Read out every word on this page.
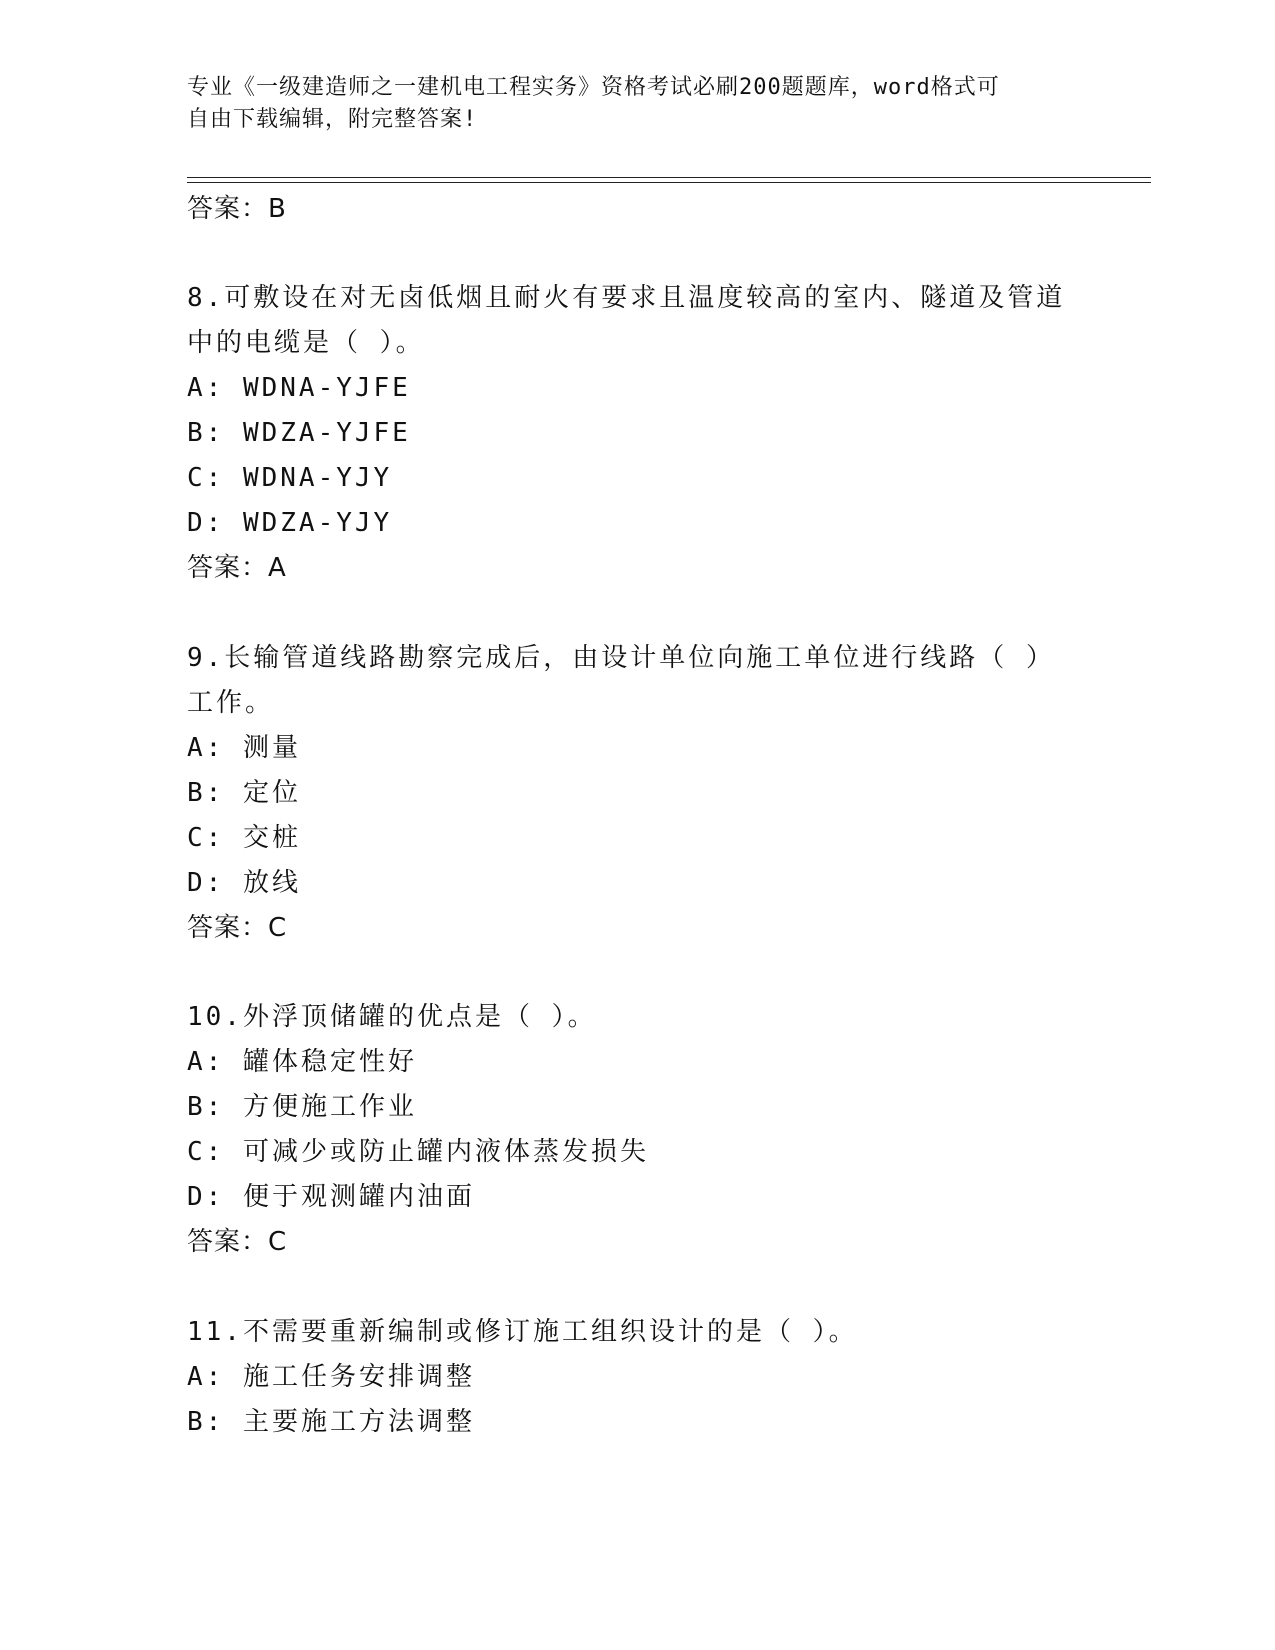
专业《一级建造师之一建机电工程实务》资格考试必刷200题题库，word格式可

自由下载编辑，附完整答案!

答案：B
8.可敷设在对无卤低烟且耐火有要求且温度较高的室内、隧道及管道
中的电缆是（ ）。
A: WDNA-YJFE
B: WDZA-YJFE
C: WDNA-YJY
D: WDZA-YJY
答案：A
9.长输管道线路勘察完成后，由设计单位向施工单位进行线路（ ）
工作。
A: 测量
B: 定位
C: 交桩
D: 放线
答案：C
10.外浮顶储罐的优点是（ ）。
A: 罐体稳定性好
B: 方便施工作业
C: 可减少或防止罐内液体蒸发损失
D: 便于观测罐内油面
答案：C
11.不需要重新编制或修订施工组织设计的是（ ）。
A: 施工任务安排调整
B: 主要施工方法调整
